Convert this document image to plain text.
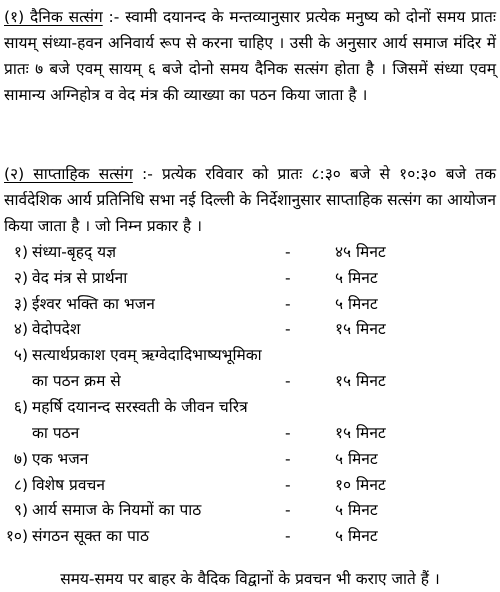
(१) दैनिक सत्संग :- स्वामी दयानन्द के मन्तव्यानुसार प्रत्येक मनुष्य को दोनों समय प्रातः सायम् संध्या-हवन अनिवार्य रूप से करना चाहिए । उसी के अनुसार आर्य समाज मंदिर में प्रातः ७ बजे एवम् सायम् ६ बजे दोनो समय दैनिक सत्संग होता है । जिसमें संध्या एवम् सामान्य अग्निहोत्र व वेद मंत्र की व्याख्या का पठन किया जाता है ।

(२) साप्ताहिक सत्संग :- प्रत्येक रविवार को प्रातः ८:३० बजे से १०:३० बजे तक सार्वदेशिक आर्य प्रतिनिधि सभा नई दिल्ली के निर्देशानुसार साप्ताहिक सत्संग का आयोजन किया जाता है । जो निम्न प्रकार है ।

१) संध्या-बृहद् यज्ञ	-	४५ मिनट
२) वेद मंत्र से प्रार्थना	-	५ मिनट
३) ईश्वर भक्ति का भजन	-	५ मिनट
४) वेदोपदेश	-	१५ मिनट
५) सत्यार्थप्रकाश एवम् ऋग्वेदादिभाष्यभूमिका
का पठन क्रम से	-	१५ मिनट
६) महर्षि दयानन्द सरस्वती के जीवन चरित्र
का पठन	-	१५ मिनट
७) एक भजन	-	५ मिनट
८) विशेष प्रवचन	-	१० मिनट
९) आर्य समाज के नियमों का पाठ	-	५ मिनट
१०) संगठन सूक्त का पाठ	-	५ मिनट
समय-समय पर बाहर के वैदिक विद्वानों के प्रवचन भी कराए जाते हैं ।
